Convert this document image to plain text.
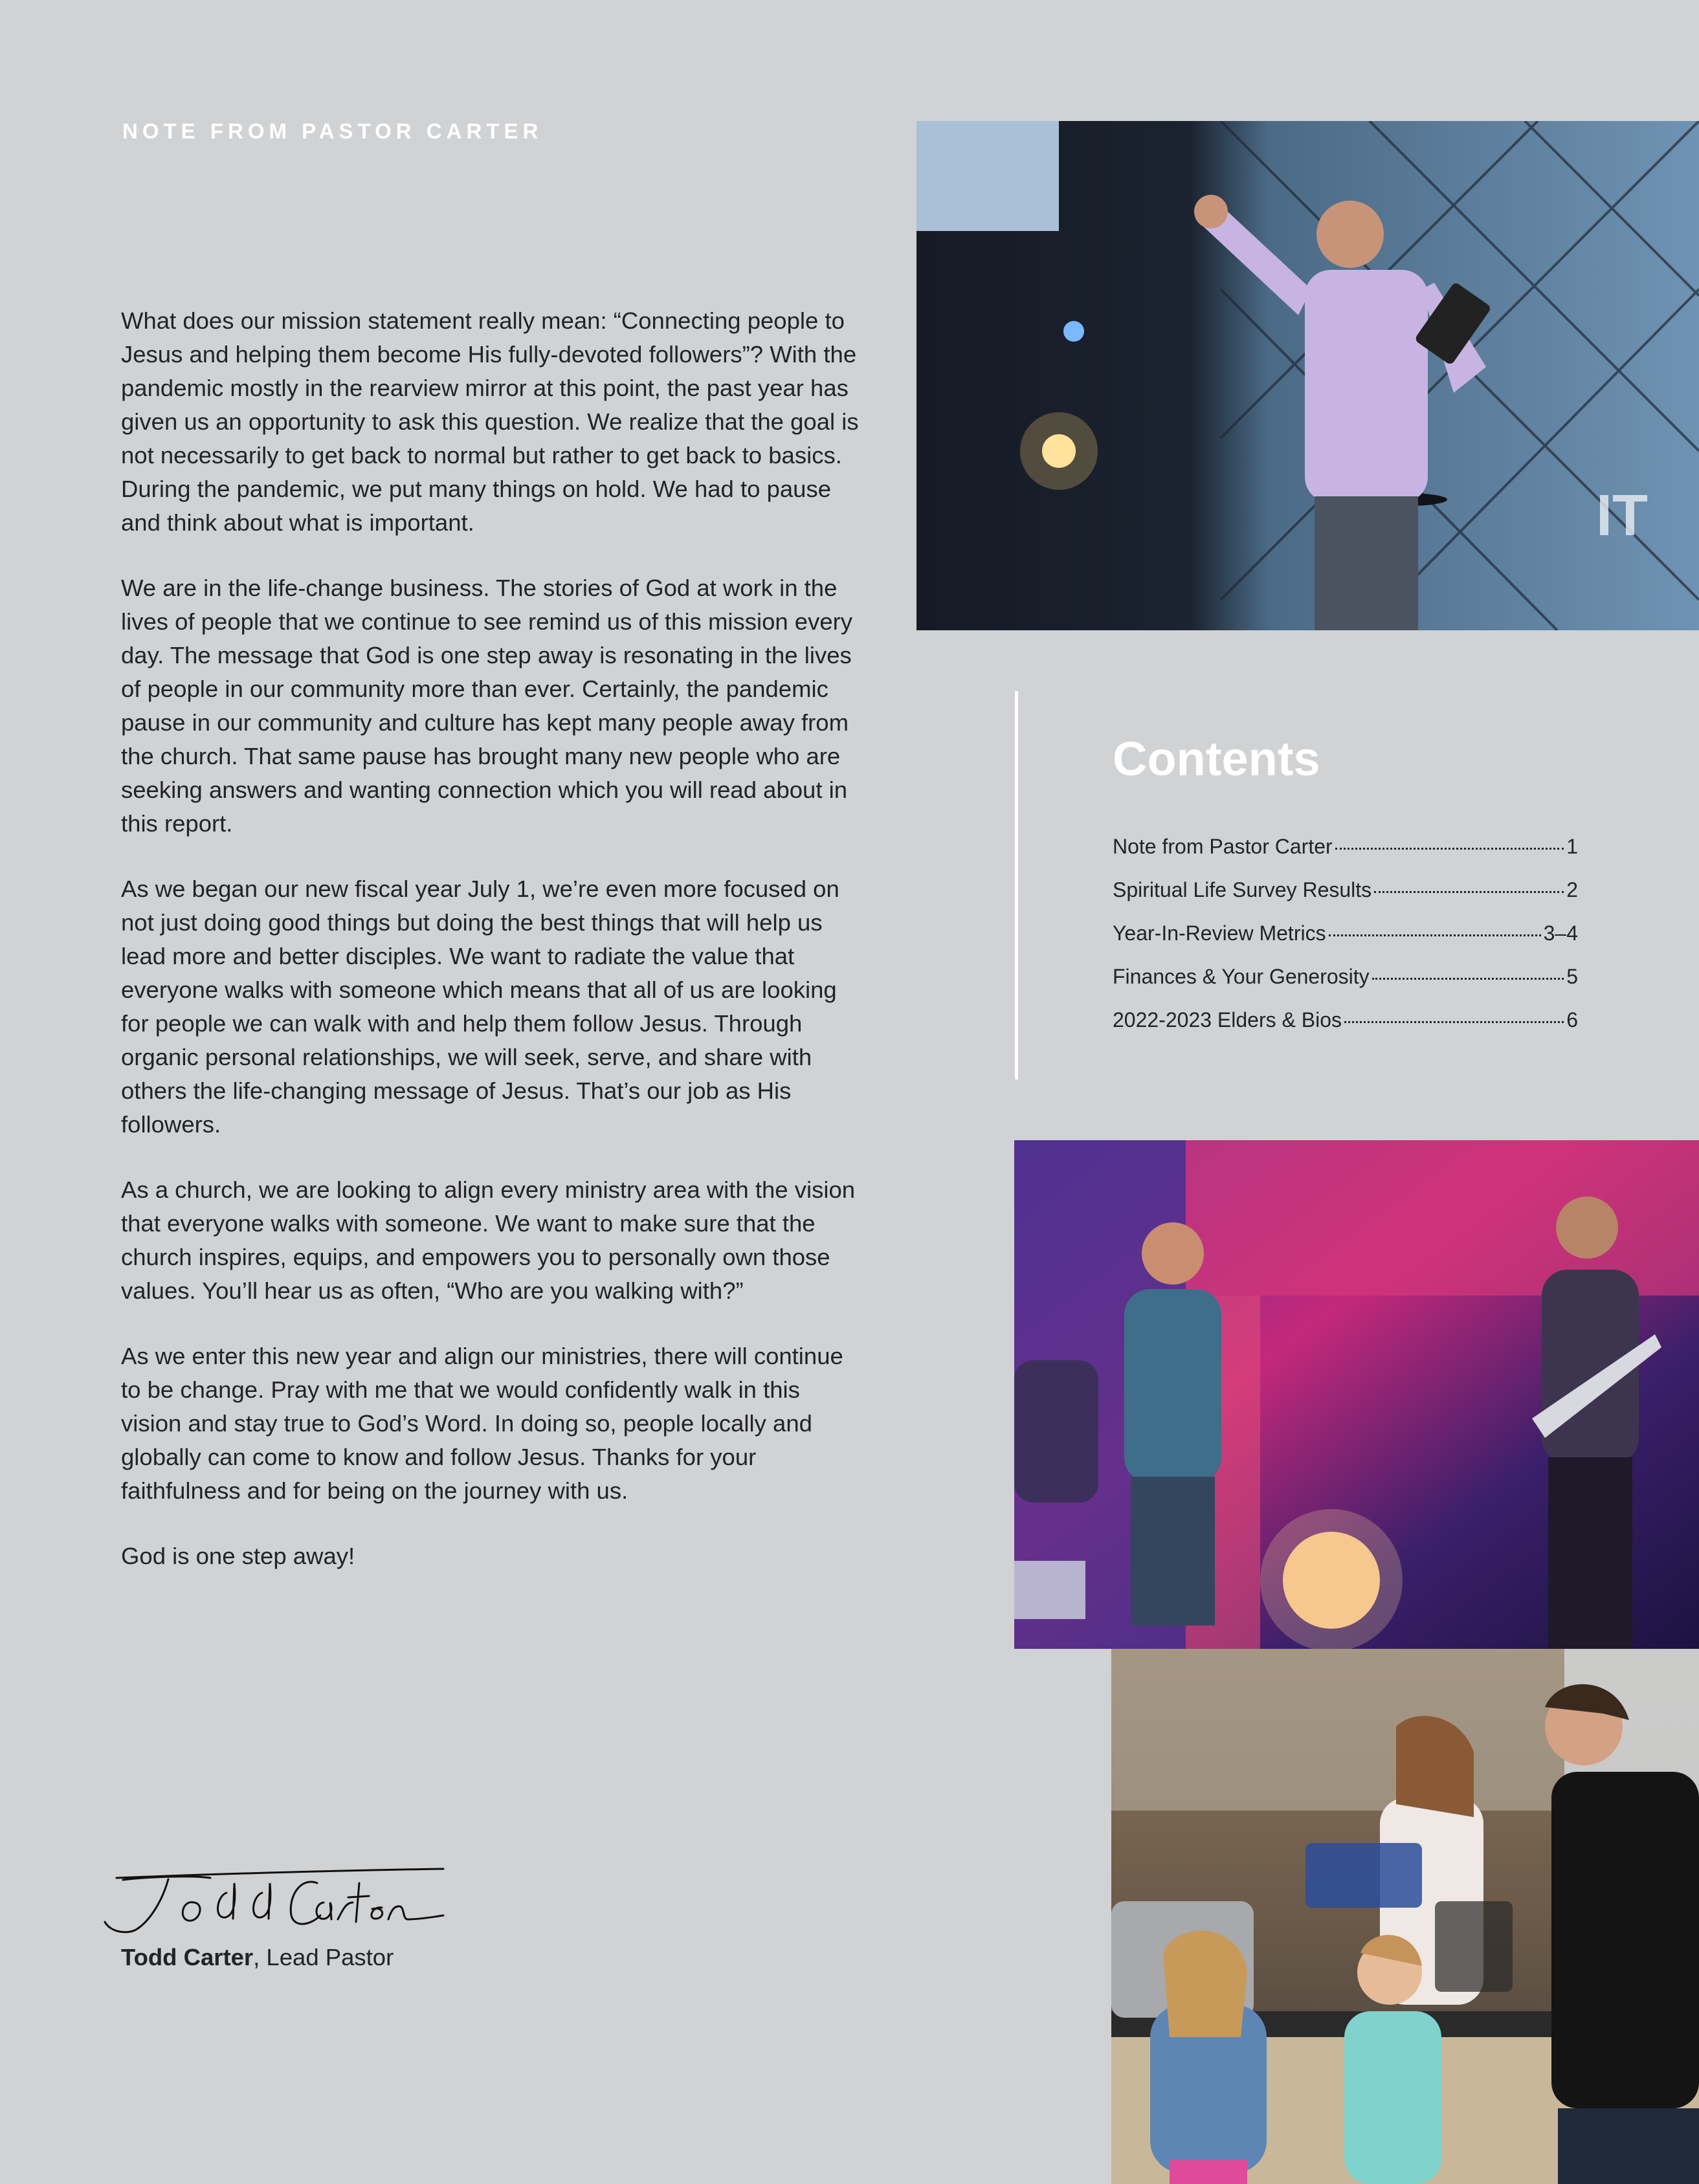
NOTE FROM PASTOR CARTER

What does our mission statement really mean: “Connecting people to Jesus and helping them become His fully-devoted followers”? With the pandemic mostly in the rearview mirror at this point, the past year has given us an opportunity to ask this question. We realize that the goal is not necessarily to get back to normal but rather to get back to basics. During the pandemic, we put many things on hold. We had to pause and think about what is important.

We are in the life-change business. The stories of God at work in the lives of people that we continue to see remind us of this mission every day. The message that God is one step away is resonating in the lives of people in our community more than ever. Certainly, the pandemic pause in our community and culture has kept many people away from the church. That same pause has brought many new people who are seeking answers and wanting connection which you will read about in this report.

As we began our new fiscal year July 1, we’re even more focused on not just doing good things but doing the best things that will help us lead more and better disciples. We want to radiate the value that everyone walks with someone which means that all of us are looking for people we can walk with and help them follow Jesus. Through organic personal relationships, we will seek, serve, and share with others the life-changing message of Jesus. That’s our job as His followers.

As a church, we are looking to align every ministry area with the vision that everyone walks with someone. We want to make sure that the church inspires, equips, and empowers you to personally own those values. You’ll hear us as often, “Who are you walking with?”

As we enter this new year and align our ministries, there will continue to be change. Pray with me that we would confidently walk in this vision and stay true to God’s Word. In doing so, people locally and globally can come to know and follow Jesus. Thanks for your faithfulness and for being on the journey with us.

God is one step away!

Todd Carter, Lead Pastor
IT
Contents
Note from Pastor Carter	1
Spiritual Life Survey Results	2
Year-In-Review Metrics	3–4
Finances & Your Generosity	5
2022-2023 Elders & Bios	6
